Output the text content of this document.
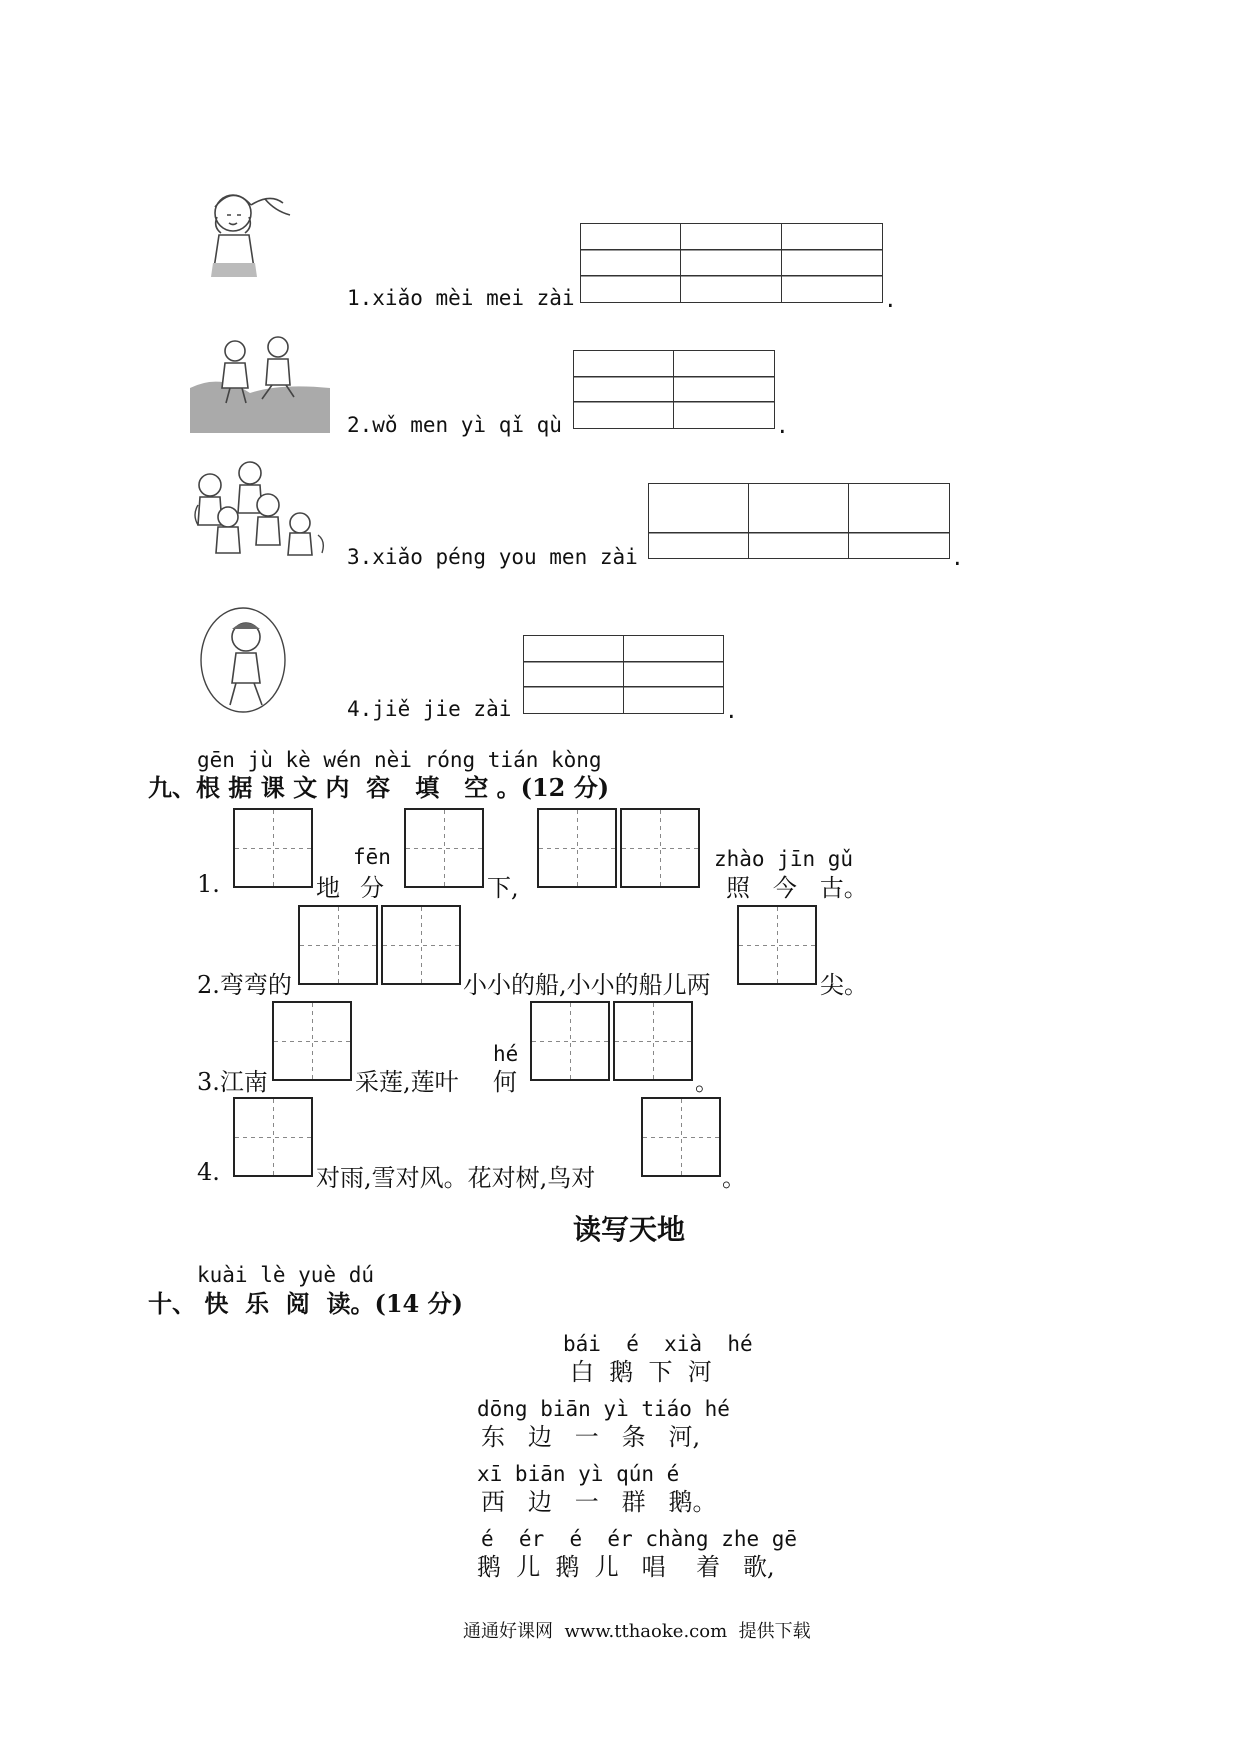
1.xiǎo mèi mei zài	.
2.wǒ men yì qǐ qù	.
3.xiǎo péng you men zài	.
4.jiě jie zài	.
gēn jù kè wén nèi róng tián kòng
九、根 据 课 文 内  容   填   空 。(12 分)
1.	地
fēn
分	下,
zhào jīn gǔ
照   今   古。
2.弯弯的	小小的船,小小的船儿两	尖。
3.江南	采莲,莲叶
hé
何	。
4.	对雨,雪对风。花对树,鸟对	。
读写天地
kuài lè yuè dú
十、 快  乐  阅  读。(14 分)
bái  é  xià  hé
白  鹅  下  河
dōng biān yì tiáo hé
东   边   一   条   河,
xī biān yì qún é
西   边   一   群   鹅。
é  ér  é  ér chàng zhe gē
鹅  儿  鹅  儿   唱    着   歌,
通通好课网  www.tthaoke.com  提供下载
